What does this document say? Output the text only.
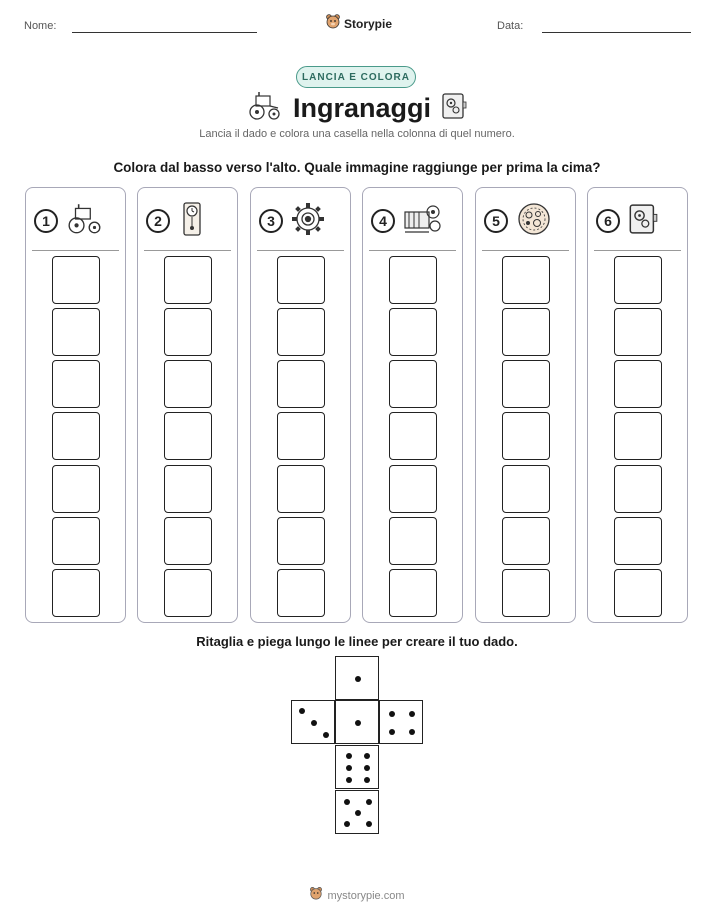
Nome:	Storypie	Data:
LANCIA E COLORA
Ingranaggi
Lancia il dado e colora una casella nella colonna di quel numero.
Colora dal basso verso l'alto. Quale immagine raggiunge per prima la cima?
1	2	3	4	5	6
Ritaglia e piega lungo le linee per creare il tuo dado.
mystorypie.com
